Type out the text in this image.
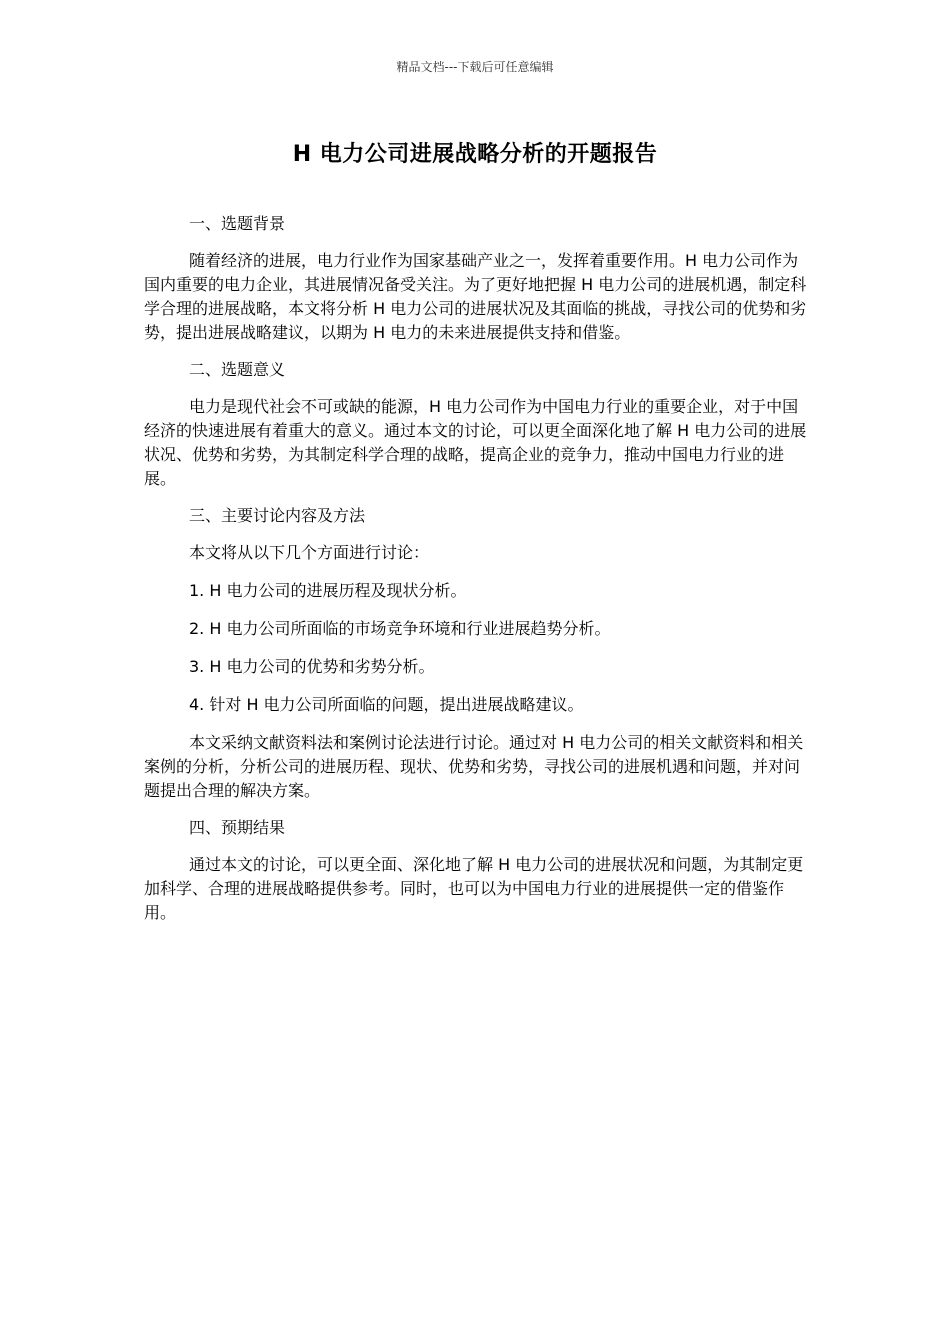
精品文档---下载后可任意编辑
H 电力公司进展战略分析的开题报告

一、选题背景

随着经济的进展，电力行业作为国家基础产业之一，发挥着重要作用。H 电力公司作为国内重要的电力企业，其进展情况备受关注。为了更好地把握 H 电力公司的进展机遇，制定科学合理的进展战略，本文将分析 H 电力公司的进展状况及其面临的挑战，寻找公司的优势和劣势，提出进展战略建议，以期为 H 电力的未来进展提供支持和借鉴。

二、选题意义

电力是现代社会不可或缺的能源，H 电力公司作为中国电力行业的重要企业，对于中国经济的快速进展有着重大的意义。通过本文的讨论，可以更全面深化地了解 H 电力公司的进展状况、优势和劣势，为其制定科学合理的战略，提高企业的竞争力，推动中国电力行业的进展。

三、主要讨论内容及方法

本文将从以下几个方面进行讨论：

1. H 电力公司的进展历程及现状分析。

2. H 电力公司所面临的市场竞争环境和行业进展趋势分析。

3. H 电力公司的优势和劣势分析。

4. 针对 H 电力公司所面临的问题，提出进展战略建议。

本文采纳文献资料法和案例讨论法进行讨论。通过对 H 电力公司的相关文献资料和相关案例的分析，分析公司的进展历程、现状、优势和劣势，寻找公司的进展机遇和问题，并对问题提出合理的解决方案。

四、预期结果

通过本文的讨论，可以更全面、深化地了解 H 电力公司的进展状况和问题，为其制定更加科学、合理的进展战略提供参考。同时，也可以为中国电力行业的进展提供一定的借鉴作用。
